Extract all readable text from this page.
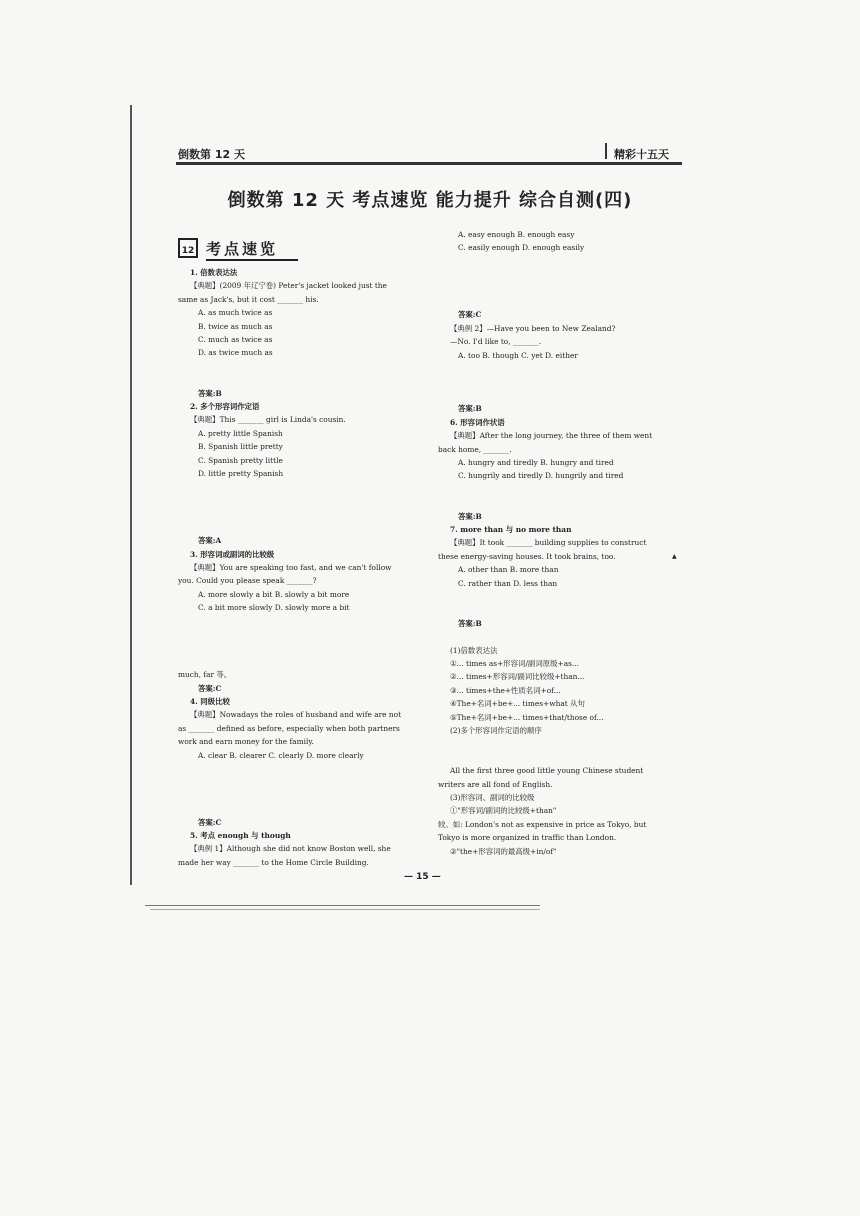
倒数第 12 天	精彩十五天
倒数第 12 天 考点速览 能力提升 综合自测(四)
12 考点速览

1. 倍数表达法

【典题】(2009 年辽宁卷) Peter's jacket looked just the

same as Jack's, but it cost _______ his.

A. as much twice as

B. twice as much as

C. much as twice as

D. as twice much as

答案:B

2. 多个形容词作定语

【典题】This _______ girl is Linda's cousin.

A. pretty little Spanish

B. Spanish little pretty

C. Spanish pretty little

D. little pretty Spanish

答案:A

3. 形容词或副词的比较级

【典题】You are speaking too fast, and we can't follow

you. Could you please speak _______?

A. more slowly a bit B. slowly a bit more

C. a bit more slowly D. slowly more a bit

much, far 等。

答案:C

4. 同级比较

【典题】Nowadays the roles of husband and wife are not

as _______ defined as before, especially when both partners

work and earn money for the family.

A. clear B. clearer C. clearly D. more clearly

答案:C

5. 考点 enough 与 though

【典例 1】Although she did not know Boston well, she

made her way _______ to the Home Circle Building.

A. easy enough B. enough easy

C. easily enough D. enough easily

答案:C

【典例 2】—Have you been to New Zealand?

—No. I'd like to, _______.

A. too B. though C. yet D. either

答案:B

6. 形容词作状语

【典题】After the long journey, the three of them went

back home, _______.

A. hungry and tiredly B. hungry and tired

C. hungrily and tiredly D. hungrily and tired

答案:B

7. more than 与 no more than

【典题】It took _______ building supplies to construct

these energy-saving houses. It took brains, too.

A. other than B. more than

C. rather than D. less than

答案:B

(1)倍数表达法

①... times as+形容词/副词原级+as...

②... times+形容词/副词比较级+than...

③... times+the+性质名词+of...

④The+名词+be+... times+what 从句

⑤The+名词+be+... times+that/those of...

(2)多个形容词作定语的顺序

All the first three good little young Chinese student

writers are all fond of English.

(3)形容词、副词的比较级

①"形容词/副词的比较级+than"

较。如: London's not as expensive in price as Tokyo, but

Tokyo is more organized in traffic than London.

②"the+形容词的最高级+in/of"

▲
— 15 —
